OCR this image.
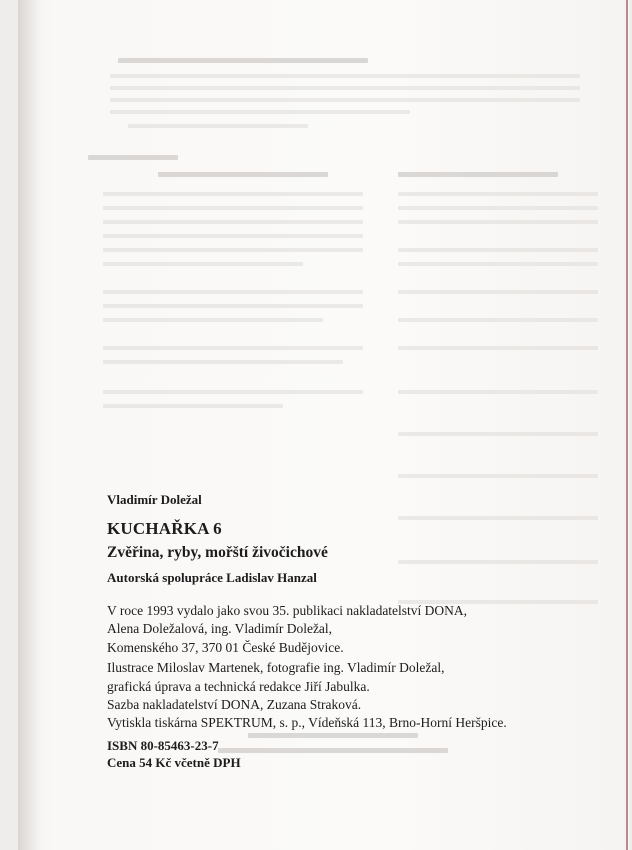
Vladimír Doležal
KUCHAŘKA 6
Zvěřina, ryby, mořští živočichové
Autorská spolupráce Ladislav Hanzal
V roce 1993 vydalo jako svou 35. publikaci nakladatelství DONA,
Alena Doležalová, ing. Vladimír Doležal,
Komenského 37, 370 01 České Budějovice.
Ilustrace Miloslav Martenek, fotografie ing. Vladimír Doležal,
grafická úprava a technická redakce Jiří Jabulka.
Sazba nakladatelství DONA, Zuzana Straková.
Vytiskla tiskárna SPEKTRUM, s. p., Vídeňská 113, Brno-Horní Heršpice.
ISBN 80-85463-23-7
Cena 54 Kč včetně DPH
